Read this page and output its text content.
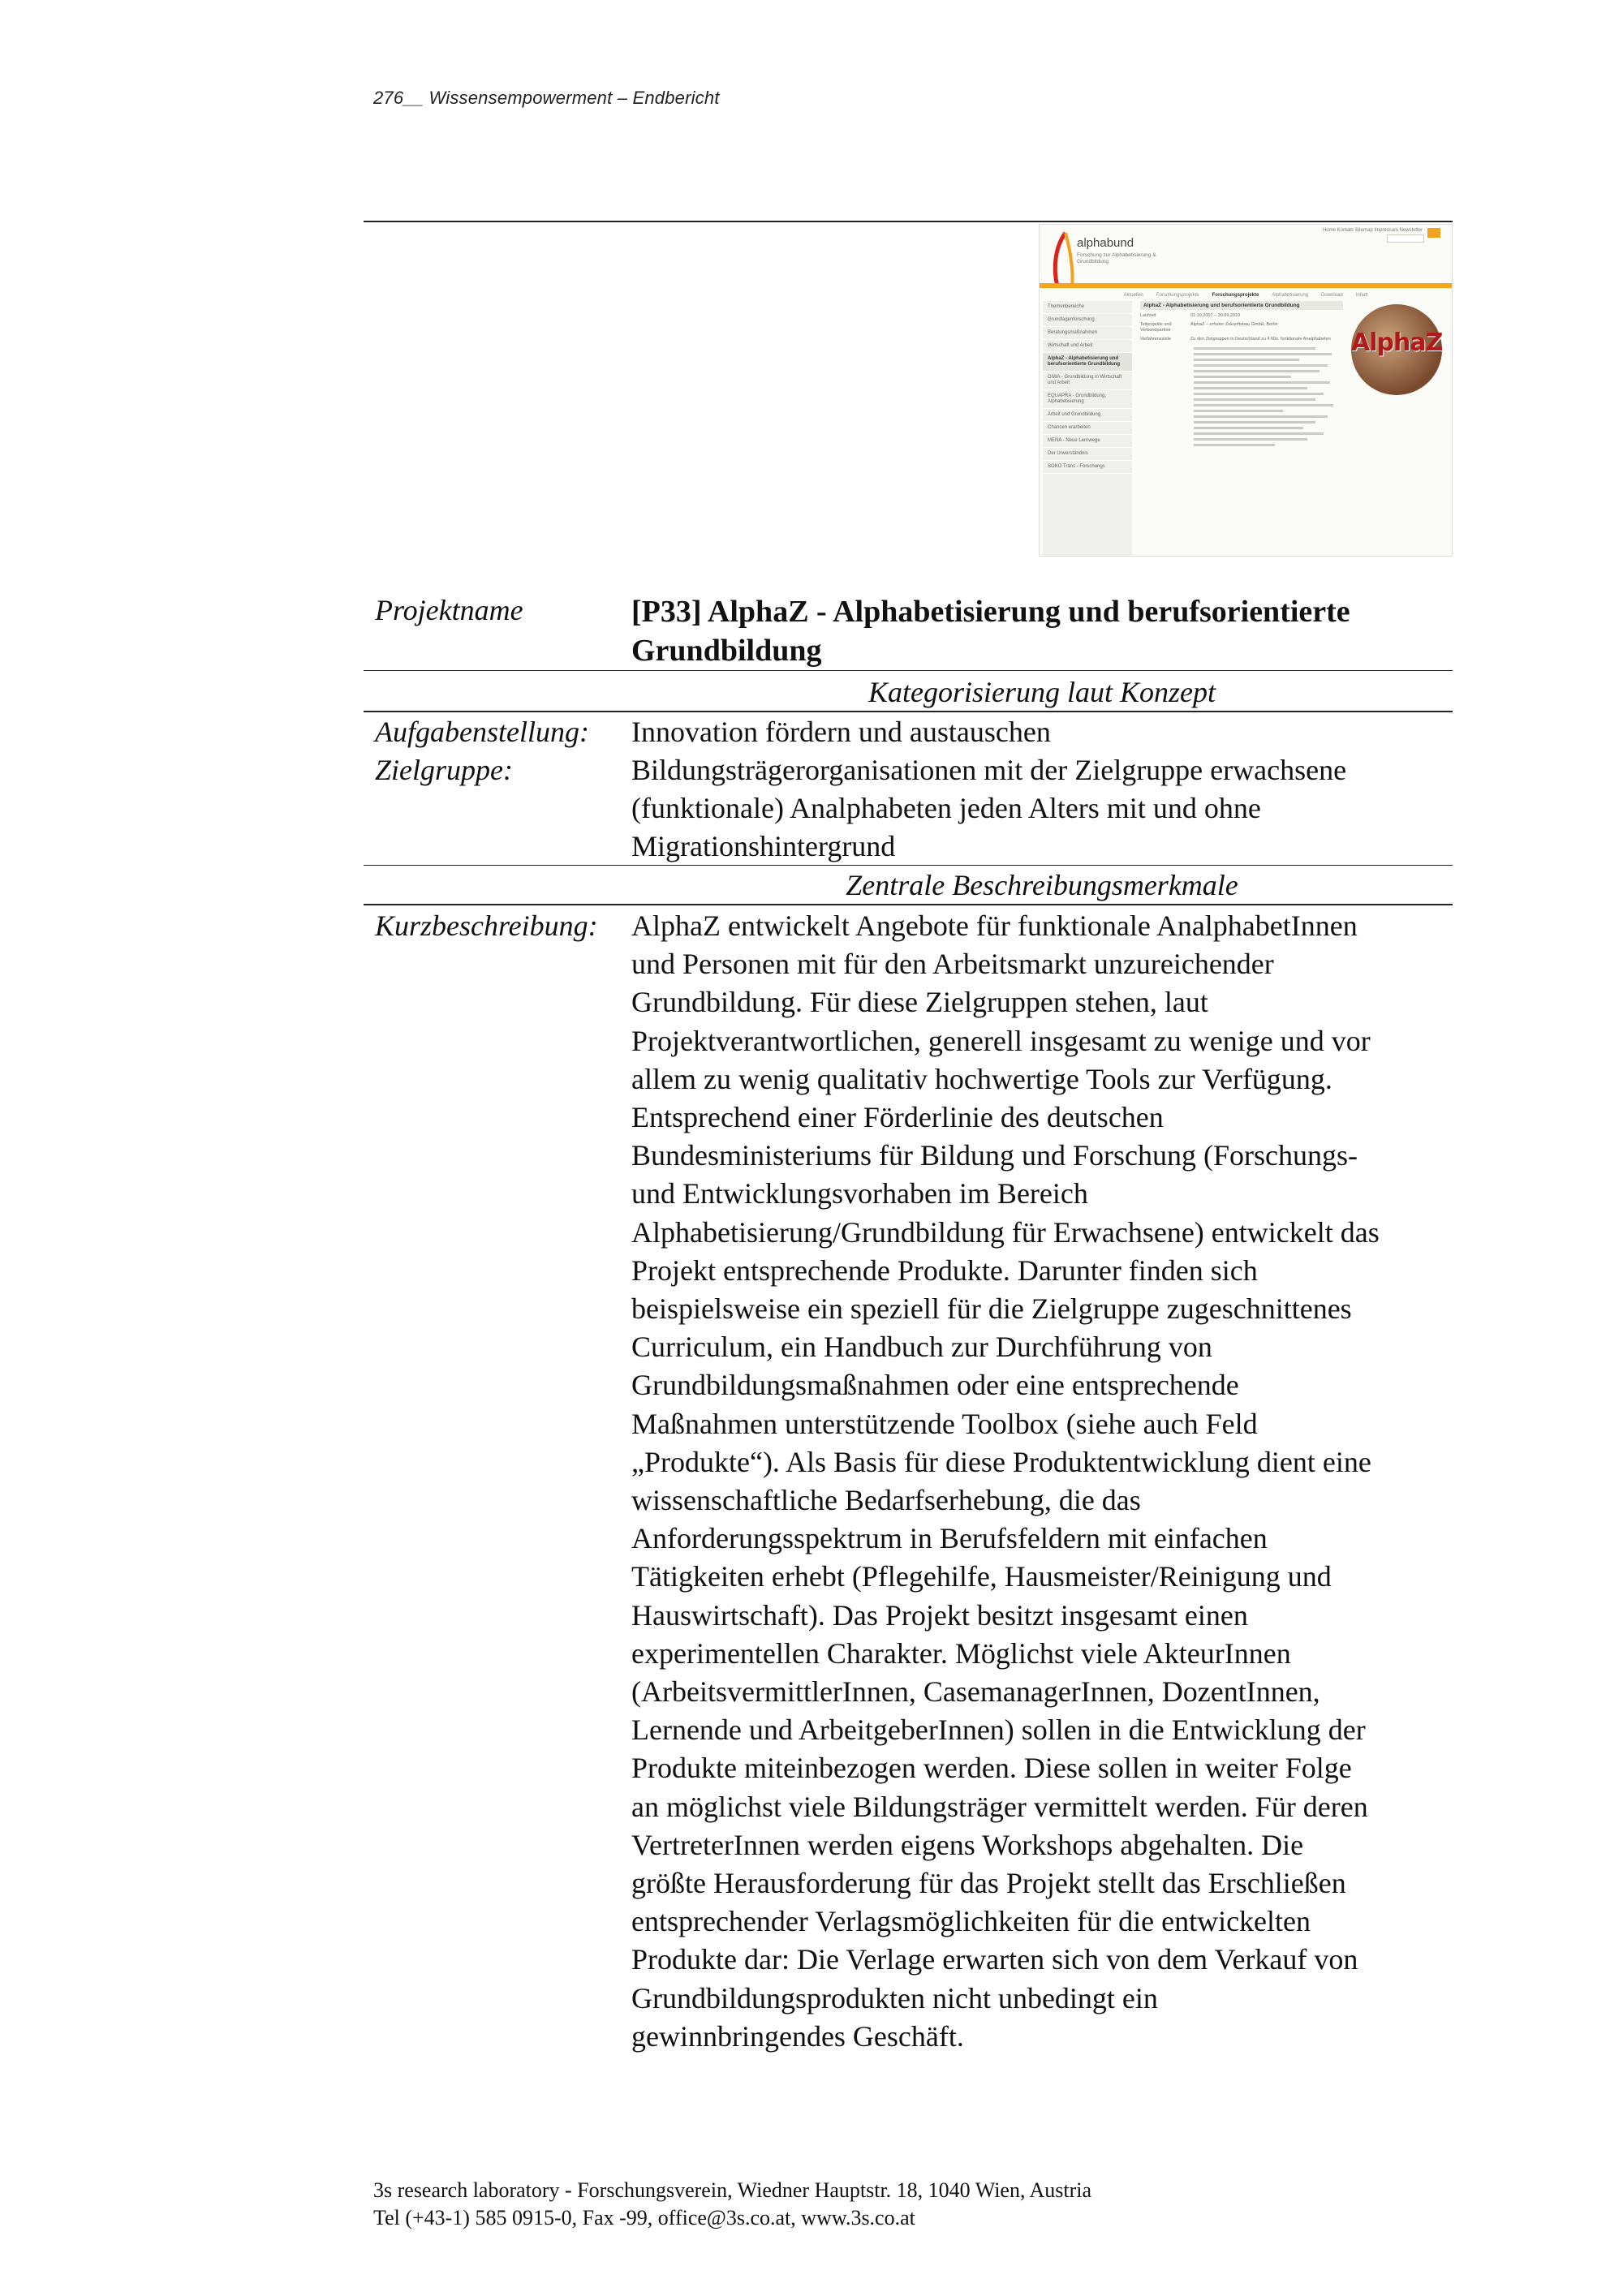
276__ Wissensempowerment – Endbericht
alphabund
Forschung zur Alphabetisierung & Grundbildung
Home Kontakt Sitemap Impressum Newsletter
Aktuelles	Forschungsprojekte	Forschungsprojekte	Alphabetisierung	Download	Inhalt
Themenbereiche
Grundlagenforschung
Beratungsmaßnahmen
Wirtschaft und Arbeit
AlphaZ - Alphabetisierung und berufsorientierte Grundbildung
GiWA - Grundbildung in Wirtschaft und Arbeit
EQUAPRA - Grundbildung, Alphabetisierung
Arbeit und Grundbildung
Chancen erarbeiten
MENA - Neue Lernwege
Der Unverständnis
SOKO Trans - Forschungs
AlphaZ - Alphabetisierung und berufsorientierte Grundbildung
Laufzeit	01.10.2007 – 30.09.2010
Teilprojekte und Verbundpartner
AlphaZ – erfurter Zukunftsbau GmbH, Berlin
Verfahrensziele	Zu den Zielgruppen in Deutschland zu 4 Mio. funktionale Analphabeten AlphaZ
Projektname	[P33] AlphaZ - Alphabetisierung und berufsorientierte
Grundbildung
Kategorisierung laut Konzept
Aufgabenstellung: Innovation fördern und austauschen
Zielgruppe:	Bildungsträgerorganisationen mit der Zielgruppe erwachsene
(funktionale) Analphabeten jeden Alters mit und ohne
Migrationshintergrund
Zentrale Beschreibungsmerkmale
Kurzbeschreibung: AlphaZ entwickelt Angebote für funktionale AnalphabetInnen

und Personen mit für den Arbeitsmarkt unzureichender

Grundbildung. Für diese Zielgruppen stehen, laut

Projektverantwortlichen, generell insgesamt zu wenige und vor

allem zu wenig qualitativ hochwertige Tools zur Verfügung.

Entsprechend einer Förderlinie des deutschen

Bundesministeriums für Bildung und Forschung (Forschungs-

und Entwicklungsvorhaben im Bereich

Alphabetisierung/Grundbildung für Erwachsene) entwickelt das

Projekt entsprechende Produkte. Darunter finden sich

beispielsweise ein speziell für die Zielgruppe zugeschnittenes

Curriculum, ein Handbuch zur Durchführung von

Grundbildungsmaßnahmen oder eine entsprechende

Maßnahmen unterstützende Toolbox (siehe auch Feld

„Produkte“). Als Basis für diese Produktentwicklung dient eine

wissenschaftliche Bedarfserhebung, die das

Anforderungsspektrum in Berufsfeldern mit einfachen

Tätigkeiten erhebt (Pflegehilfe, Hausmeister/Reinigung und

Hauswirtschaft). Das Projekt besitzt insgesamt einen

experimentellen Charakter. Möglichst viele AkteurInnen

(ArbeitsvermittlerInnen, CasemanagerInnen, DozentInnen,

Lernende und ArbeitgeberInnen) sollen in die Entwicklung der

Produkte miteinbezogen werden. Diese sollen in weiter Folge

an möglichst viele Bildungsträger vermittelt werden. Für deren

VertreterInnen werden eigens Workshops abgehalten. Die

größte Herausforderung für das Projekt stellt das Erschließen

entsprechender Verlagsmöglichkeiten für die entwickelten

Produkte dar: Die Verlage erwarten sich von dem Verkauf von

Grundbildungsprodukten nicht unbedingt ein

gewinnbringendes Geschäft.

3s research laboratory - Forschungsverein, Wiedner Hauptstr. 18, 1040 Wien, Austria
Tel (+43-1) 585 0915-0, Fax -99, office@3s.co.at, www.3s.co.at
